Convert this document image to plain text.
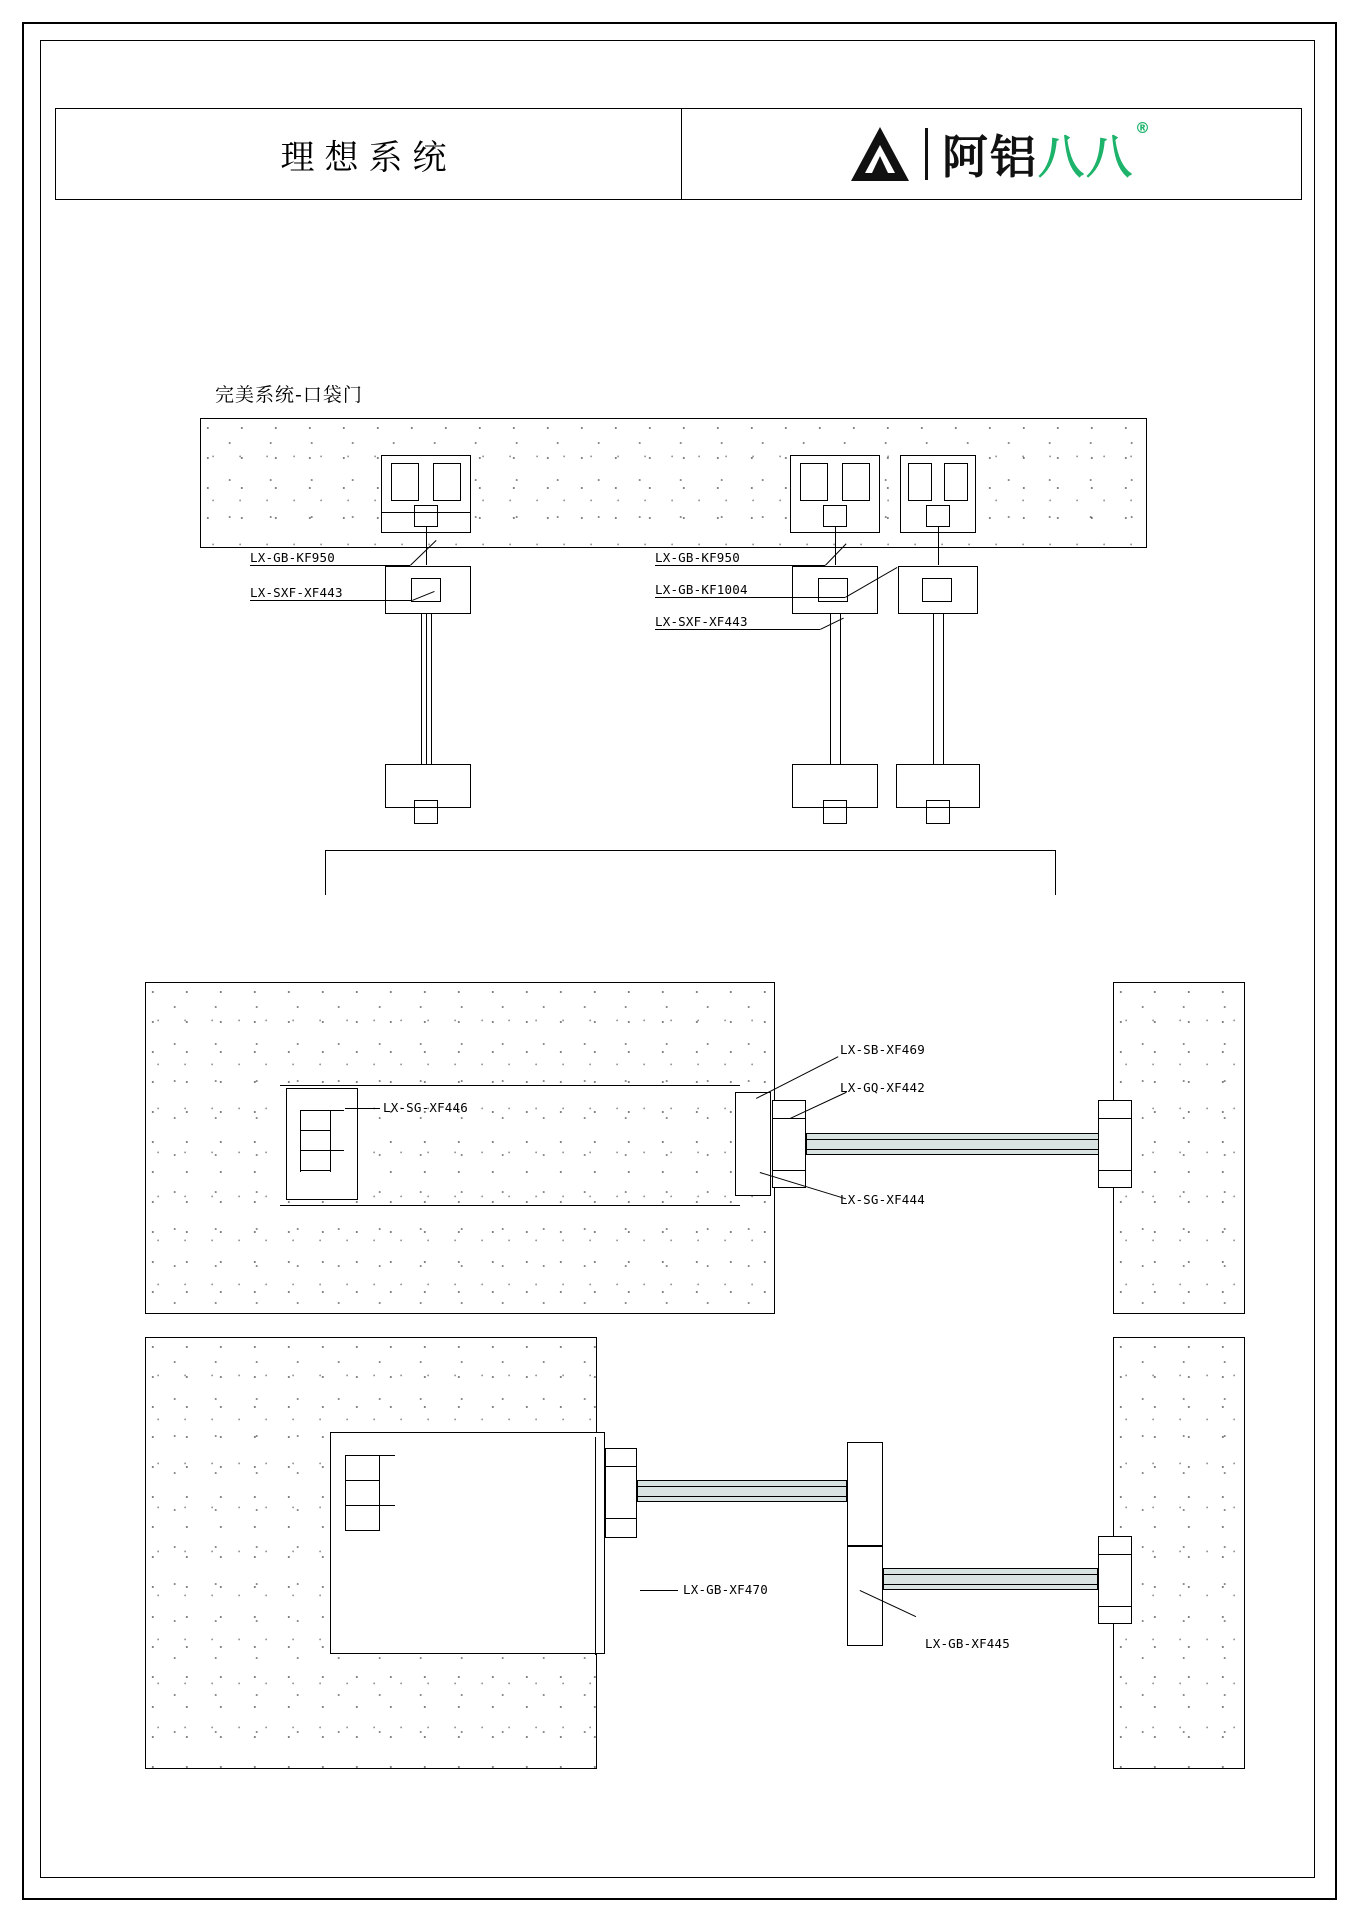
理想系统	阿铝八八
®
完美系统-口袋门
LX-GB-KF950
LX-SXF-XF443
LX-GB-KF950
LX-GB-KF1004
LX-SXF-XF443
LX-SG-XF446
LX-SB-XF469
LX-GQ-XF442
LX-SG-XF444
LX-GB-XF470
LX-GB-XF445
